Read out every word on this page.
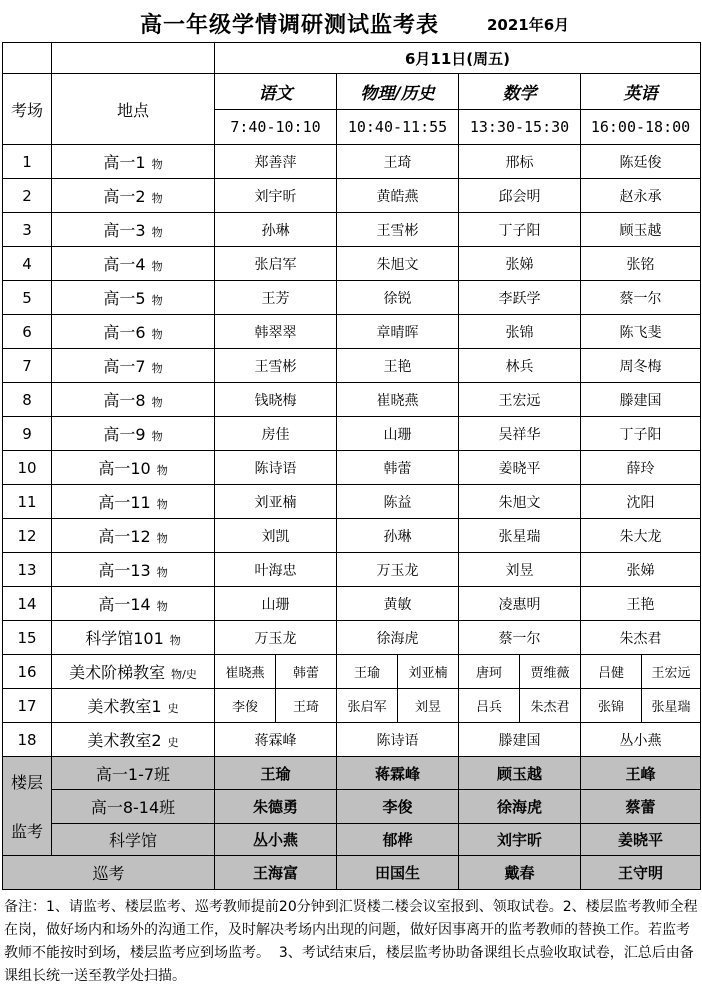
高一年级学情调研测试监考表	2021年6月
		6月11日(周五)							
考场	地点	语文		物理/历史		数学		英语	
		7:40-10:10		10:40-11:55		13:30-15:30		16:00-18:00	
1	高一1 物	郑善萍		王琦		邢标		陈廷俊	
2	高一2 物	刘宇昕		黄皓燕		邱会明		赵永承	
3	高一3 物	孙琳		王雪彬		丁子阳		顾玉越	
4	高一4 物	张启军		朱旭文		张娣		张铭	
5	高一5 物	王芳		徐锐		李跃学		蔡一尔	
6	高一6 物	韩翠翠		章晴晖		张锦		陈飞斐	
7	高一7 物	王雪彬		王艳		林兵		周冬梅	
8	高一8 物	钱晓梅		崔晓燕		王宏远		滕建国	
9	高一9 物	房佳		山珊		吴祥华		丁子阳	
10	高一10 物	陈诗语		韩蕾		姜晓平		薛玲	
11	高一11 物	刘亚楠		陈益		朱旭文		沈阳	
12	高一12 物	刘凯		孙琳		张星瑞		朱大龙	
13	高一13 物	叶海忠		万玉龙		刘昱		张娣	
14	高一14 物	山珊		黄敏		凌惠明		王艳	
15	科学馆101 物	万玉龙		徐海虎		蔡一尔		朱杰君	
16	美术阶梯教室 物/史	崔晓燕	韩蕾	王瑜	刘亚楠	唐珂	贾维薇	吕健	王宏远
17	美术教室1 史	李俊	王琦	张启军	刘昱	吕兵	朱杰君	张锦	张星瑞
18	美术教室2 史	蒋霖峰		陈诗语		滕建国		丛小燕	

楼层
监考	高一1-7班	王瑜		蒋霖峰		顾玉越		王峰	
	高一8-14班	朱德勇		李俊		徐海虎		蔡蕾	
	科学馆	丛小燕		郁桦		刘宇昕		姜晓平	
巡考		王海富		田国生		戴春		王守明	
备注：1、请监考、楼层监考、巡考教师提前20分钟到汇贤楼二楼会议室报到、领取试卷。2、楼层监考教师全程在岗，做好场内和场外的沟通工作，及时解决考场内出现的问题，做好因事离开的监考教师的替换工作。若监考教师不能按时到场，楼层监考应到场监考。  3、考试结束后，楼层监考协助备课组长点验收取试卷，汇总后由备课组长统一送至教学处扫描。
